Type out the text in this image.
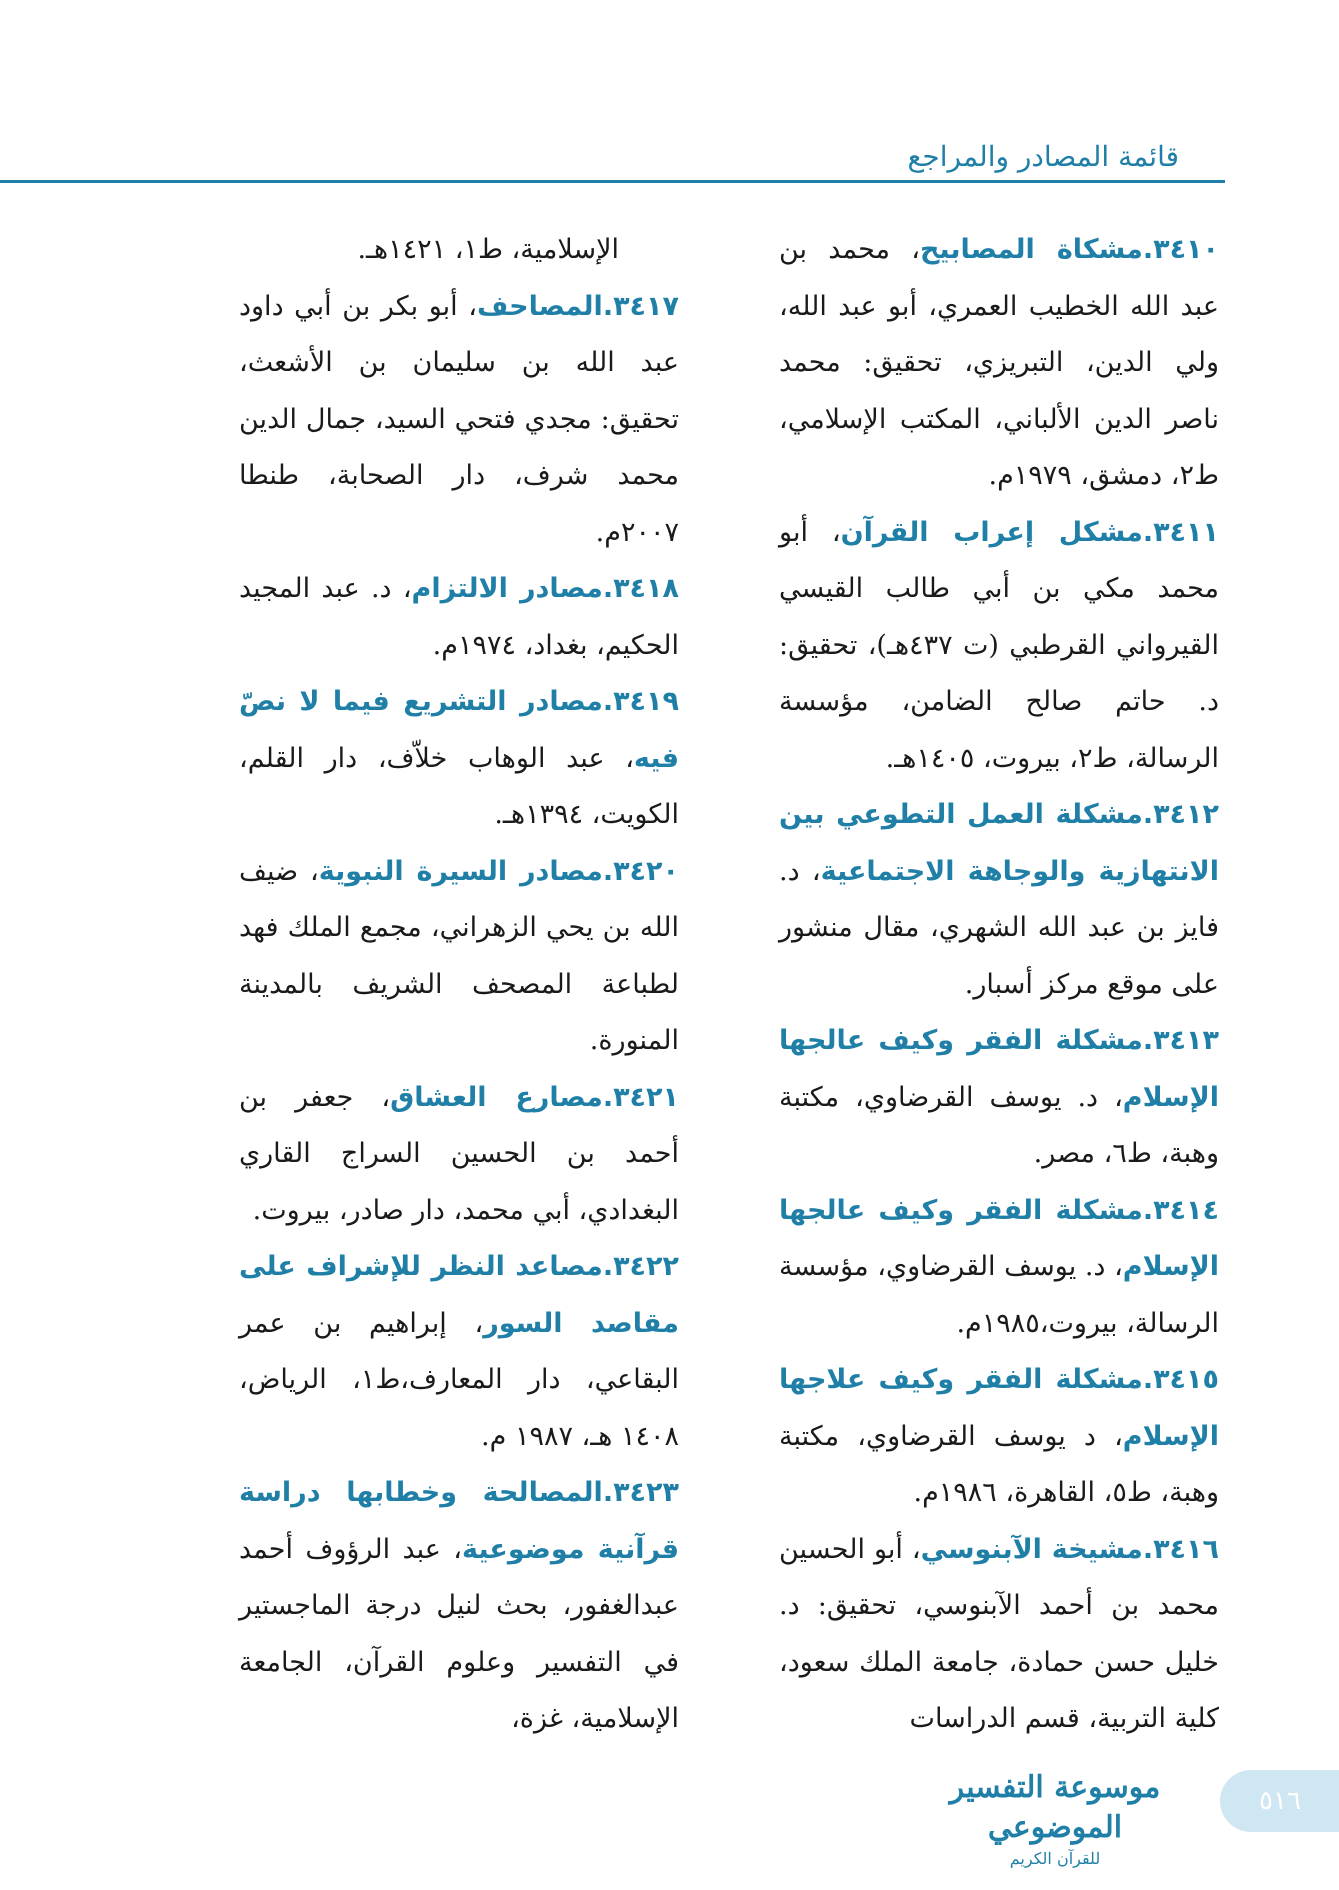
قائمة المصادر والمراجع

٣٤١٠.مشكاة المصابيح، محمد بن عبد الله الخطيب العمري، أبو عبد الله، ولي الدين، التبريزي، تحقيق: محمد ناصر الدين الألباني، المكتب الإسلامي، ط٢، دمشق، ١٩٧٩م.

٣٤١١.مشكل إعراب القرآن، أبو محمد مكي بن أبي طالب القيسي القيرواني القرطبي (ت ٤٣٧هـ)، تحقيق: د. حاتم صالح الضامن، مؤسسة الرسالة، ط٢، بيروت، ١٤٠٥هـ.

٣٤١٢.مشكلة العمل التطوعي بين الانتهازية والوجاهة الاجتماعية، د. فايز بن عبد الله الشهري، مقال منشور على موقع مركز أسبار.

٣٤١٣.مشكلة الفقر وكيف عالجها الإسلام، د. يوسف القرضاوي، مكتبة وهبة، ط٦، مصر.

٣٤١٤.مشكلة الفقر وكيف عالجها الإسلام، د. يوسف القرضاوي، مؤسسة الرسالة، بيروت،١٩٨٥م.

٣٤١٥.مشكلة الفقر وكيف علاجها الإسلام، د يوسف القرضاوي، مكتبة وهبة، ط٥، القاهرة، ١٩٨٦م.

٣٤١٦.مشيخة الآبنوسي، أبو الحسين محمد بن أحمد الآبنوسي، تحقيق: د. خليل حسن حمادة، جامعة الملك سعود، كلية التربية، قسم الدراسات

الإسلامية، ط١، ١٤٢١هـ.

٣٤١٧.المصاحف، أبو بكر بن أبي داود عبد الله بن سليمان بن الأشعث، تحقيق: مجدي فتحي السيد، جمال الدين محمد شرف، دار الصحابة، طنطا ٢٠٠٧م.

٣٤١٨.مصادر الالتزام، د. عبد المجيد الحكيم، بغداد، ١٩٧٤م.

٣٤١٩.مصادر التشريع فيما لا نصّ فيه، عبد الوهاب خلاّف، دار القلم، الكويت، ١٣٩٤هـ.

٣٤٢٠.مصادر السيرة النبوية، ضيف الله بن يحي الزهراني، مجمع الملك فهد لطباعة المصحف الشريف بالمدينة المنورة.

٣٤٢١.مصارع العشاق، جعفر بن أحمد بن الحسين السراج القاري البغدادي، أبي محمد، دار صادر، بيروت.

٣٤٢٢.مصاعد النظر للإشراف على مقاصد السور، إبراهيم بن عمر البقاعي، دار المعارف،ط١، الرياض، ١٤٠٨ هـ، ١٩٨٧ م.

٣٤٢٣.المصالحة وخطابها دراسة قرآنية موضوعية، عبد الرؤوف أحمد عبدالغفور، بحث لنيل درجة الماجستير في التفسير وعلوم القرآن، الجامعة الإسلامية، غزة،

موسوعة التفسير الموضوعي
للقرآن الكريم
٥١٦
